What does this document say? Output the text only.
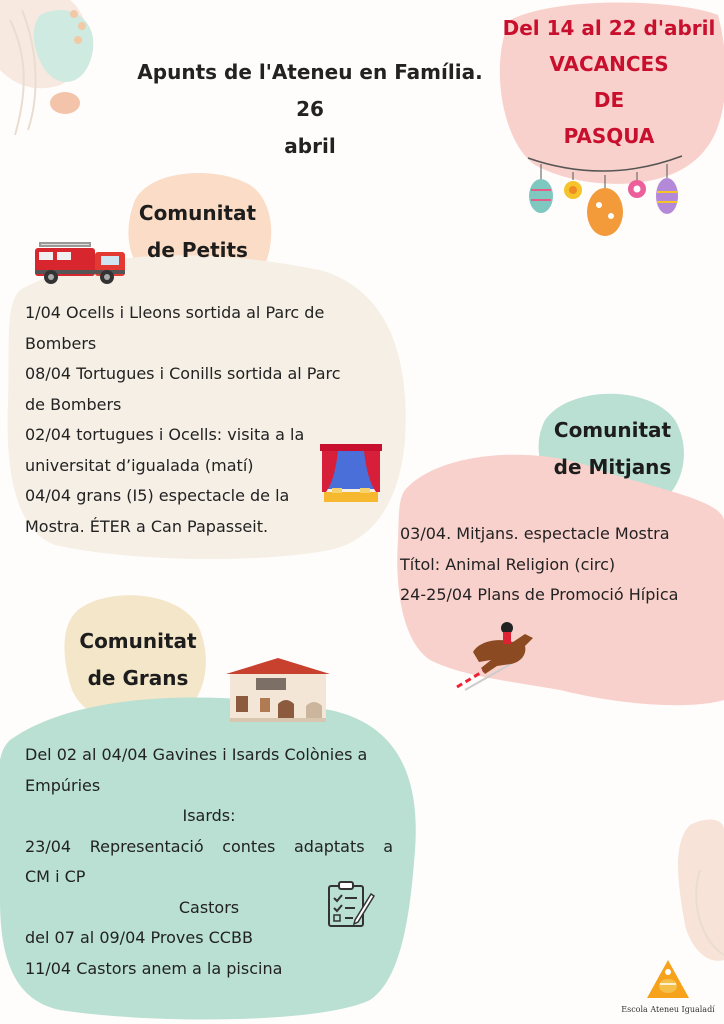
Apunts de l'Ateneu en Família. 26
abril
Del 14 al 22 d'abril
VACANCES
DE
PASQUA
Comunitat
de Petits
1/04 Ocells i Lleons sortida al Parc de
Bombers
08/04 Tortugues i Conills sortida al Parc
de Bombers
02/04 tortugues i Ocells: visita a la
universitat d’igualada (matí)
04/04 grans (I5) espectacle de la
Mostra. ÉTER a Can Papasseit.
Comunitat
de Mitjans
03/04. Mitjans. espectacle Mostra
Títol: Animal Religion (circ)
24-25/04 Plans de Promoció Hípica
Comunitat
de Grans
Del 02 al 04/04 Gavines i Isards Colònies a
Empúries
Isards:
23/04 Representació contes adaptats a
CM i CP
Castors
del 07 al 09/04 Proves CCBB
11/04 Castors anem a la piscina
Escola Ateneu Igualadí
